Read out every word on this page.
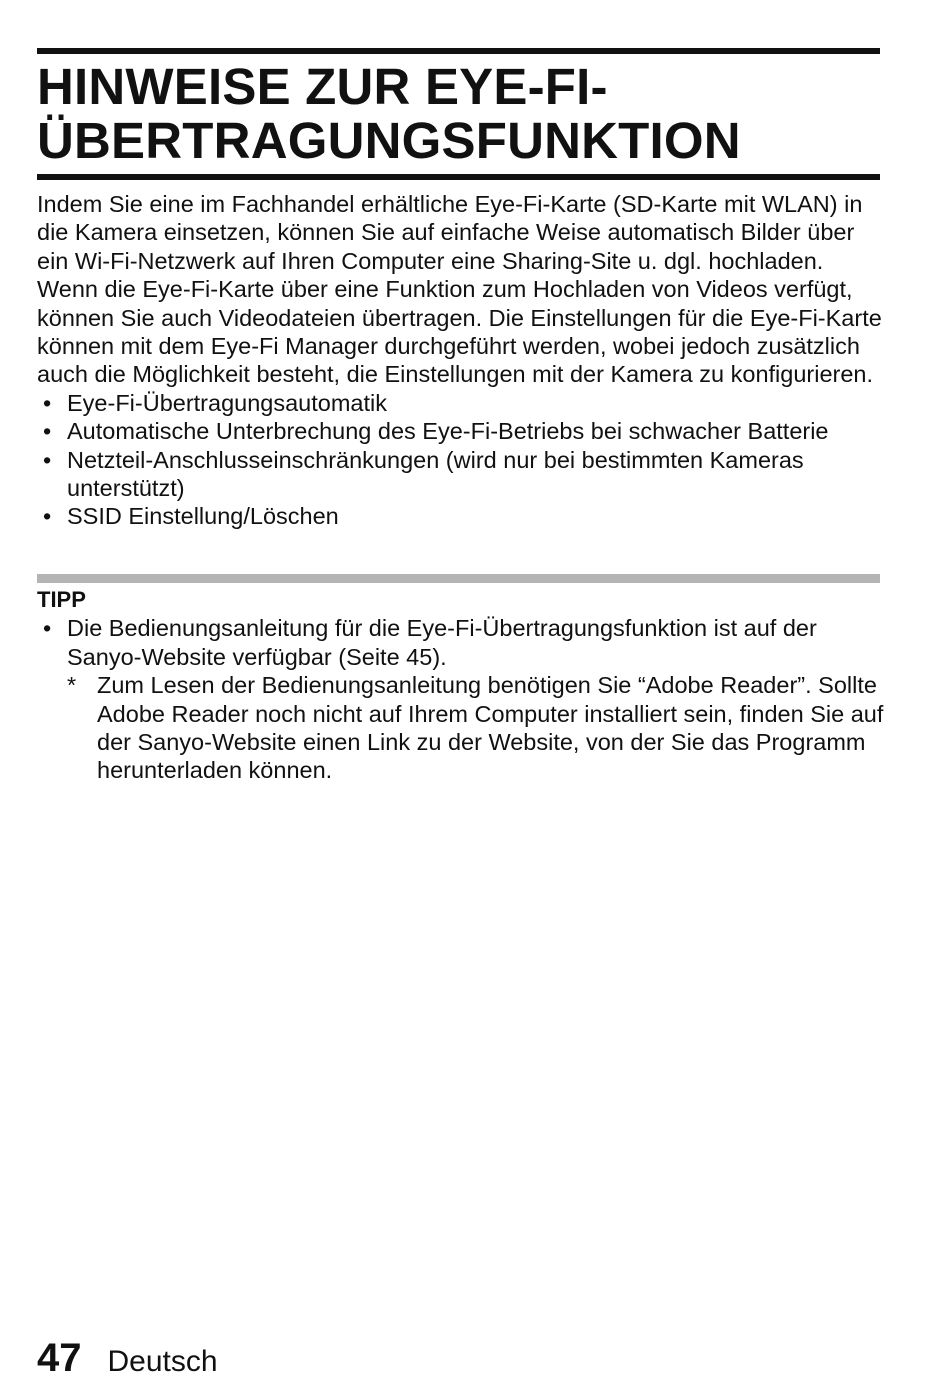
HINWEISE ZUR EYE-FI-
ÜBERTRAGUNGSFUNKTION

Indem Sie eine im Fachhandel erhältliche Eye-Fi-Karte (SD-Karte mit WLAN) in die Kamera einsetzen, können Sie auf einfache Weise automatisch Bilder über ein Wi-Fi-Netzwerk auf Ihren Computer eine Sharing-Site u. dgl. hochladen. Wenn die Eye-Fi-Karte über eine Funktion zum Hochladen von Videos verfügt, können Sie auch Videodateien übertragen. Die Einstellungen für die Eye-Fi-Karte können mit dem Eye-Fi Manager durchgeführt werden, wobei jedoch zusätzlich auch die Möglichkeit besteht, die Einstellungen mit der Kamera zu konfigurieren.

• Eye-Fi-Übertragungsautomatik
• Automatische Unterbrechung des Eye-Fi-Betriebs bei schwacher Batterie
• Netzteil-Anschlusseinschränkungen (wird nur bei bestimmten Kameras unterstützt)
• SSID Einstellung/Löschen

TIPP

• Die Bedienungsanleitung für die Eye-Fi-Übertragungsfunktion ist auf der Sanyo-Website verfügbar (Seite 45).
* Zum Lesen der Bedienungsanleitung benötigen Sie “Adobe Reader”. Sollte Adobe Reader noch nicht auf Ihrem Computer installiert sein, finden Sie auf der Sanyo-Website einen Link zu der Website, von der Sie das Programm herunterladen können.
47 Deutsch
